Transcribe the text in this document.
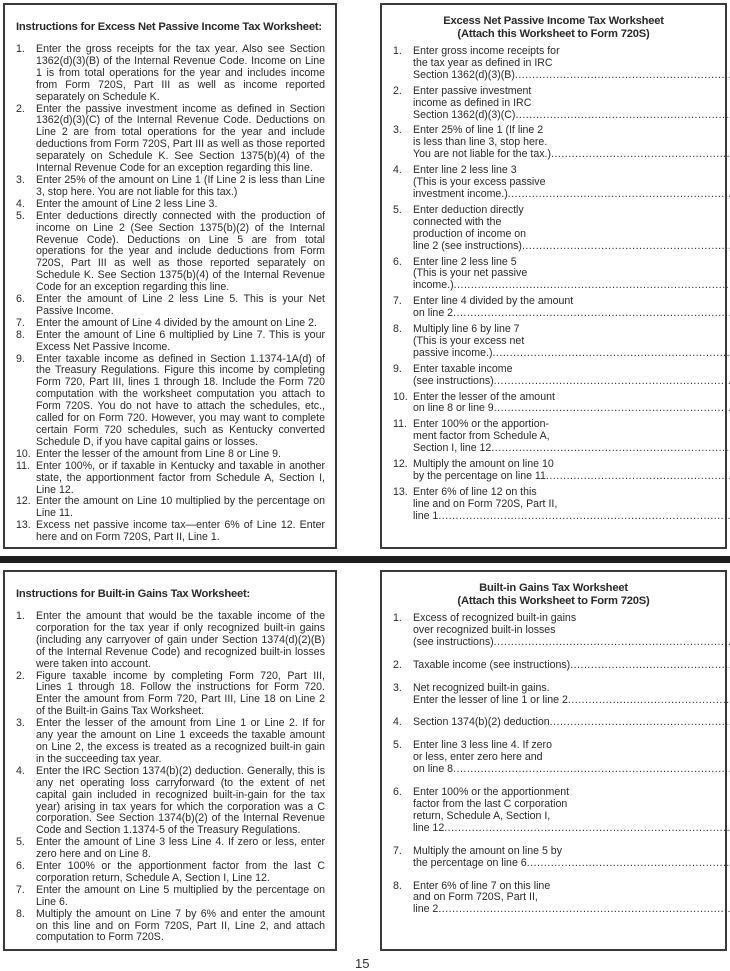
Instructions for Excess Net Passive Income Tax Worksheet:
1.	Enter the gross receipts for the tax year. Also see Section 1362(d)(3)(B) of the Internal Revenue Code. Income on Line 1 is from total operations for the year and includes income from Form 720S, Part III as well as income reported separately on Schedule K.
2.	Enter the passive investment income as defined in Section 1362(d)(3)(C) of the Internal Revenue Code. Deductions on Line 2 are from total operations for the year and include deductions from Form 720S, Part III as well as those reported separately on Schedule K. See Section 1375(b)(4) of the Internal Revenue Code for an exception regarding this line.
3.	Enter 25% of the amount on Line 1 (If Line 2 is less than Line 3, stop here. You are not liable for this tax.)
4.	Enter the amount of Line 2 less Line 3.
5.	Enter deductions directly connected with the production of income on Line 2 (See Section 1375(b)(2) of the Internal Revenue Code). Deductions on Line 5 are from total operations for the year and include deductions from Form 720S, Part III as well as those reported separately on Schedule K. See Section 1375(b)(4) of the Internal Revenue Code for an exception regarding this line.
6.	Enter the amount of Line 2 less Line 5. This is your Net Passive Income.
7.	Enter the amount of Line 4 divided by the amount on Line 2.
8.	Enter the amount of Line 6 multiplied by Line 7. This is your Excess Net Passive Income.
9.	Enter taxable income as defined in Section 1.1374-1A(d) of the Treasury Regulations. Figure this income by completing Form 720, Part III, lines 1 through 18. Include the Form 720 computation with the worksheet computation you attach to Form 720S. You do not have to attach the schedules, etc., called for on Form 720. However, you may want to complete certain Form 720 schedules, such as Kentucky converted Schedule D, if you have capital gains or losses.
10. Enter the lesser of the amount from Line 8 or Line 9.
11. Enter 100%, or if taxable in Kentucky and taxable in another state, the apportionment factor from Schedule A, Section I, Line 12.
12. Enter the amount on Line 10 multiplied by the percentage on Line 11.
13. Excess net passive income tax—enter 6% of Line 12. Enter here and on Form 720S, Part II, Line 1.
Excess Net Passive Income Tax Worksheet
(Attach this Worksheet to Form 720S)
1.	Enter gross income receipts for
the tax year as defined in IRC
Section 1362(d)(3)(B)
.....
2.	Enter passive investment
income as defined in IRC
Section 1362(d)(3)(C)
.....
3.	Enter 25% of line 1 (If line 2
is less than line 3, stop here.
You are not liable for the tax.)
.....
4.	Enter line 2 less line 3
(This is your excess passive
investment income.)
.....
5.	Enter deduction directly
connected with the
production of income on
line 2 (see instructions)
.....
6.	Enter line 2 less line 5
(This is your net passive
income.)
.....
7.	Enter line 4 divided by the amount
on line 2
.....
8.	Multiply line 6 by line 7
(This is your excess net
passive income.)
.....
9.	Enter taxable income
(see instructions)
.....
10. Enter the lesser of the amount
on line 8 or line 9
.....
11. Enter 100% or the apportion-
ment factor from Schedule A,
Section I, line 12
.....
12. Multiply the amount on line 10
by the percentage on line 11
.....
13. Enter 6% of line 12 on this
line and on Form 720S, Part II,
line 1
.....
Instructions for Built-in Gains Tax Worksheet:
1.	Enter the amount that would be the taxable income of the corporation for the tax year if only recognized built-in gains (including any carryover of gain under Section 1374(d)(2)(B) of the Internal Revenue Code) and recognized built-in losses were taken into account.
2.	Figure taxable income by completing Form 720, Part III, Lines 1 through 18. Follow the instructions for Form 720. Enter the amount from Form 720, Part III, Line 18 on Line 2 of the Built-in Gains Tax Worksheet.
3.	Enter the lesser of the amount from Line 1 or Line 2. If for any year the amount on Line 1 exceeds the taxable amount on Line 2, the excess is treated as a recognized built-in gain in the succeeding tax year.
4.	Enter the IRC Section 1374(b)(2) deduction. Generally, this is any net operating loss carryforward (to the extent of net capital gain included in recognized built-in-gain for the tax year) arising in tax years for which the corporation was a C corporation. See Section 1374(b)(2) of the Internal Revenue Code and Section 1.1374-5 of the Treasury Regulations.
5.	Enter the amount of Line 3 less Line 4. If zero or less, enter zero here and on Line 8.
6.	Enter 100% or the apportionment factor from the last C corporation return, Schedule A, Section I, Line 12.
7.	Enter the amount on Line 5 multiplied by the percentage on Line 6.
8.	Multiply the amount on Line 7 by 6% and enter the amount on this line and on Form 720S, Part II, Line 2, and attach computation to Form 720S.
Built-in Gains Tax Worksheet
(Attach this Worksheet to Form 720S)
1.	Excess of recognized built-in gains
over recognized built-in losses
(see instructions)
.....
2.	Taxable income (see instructions)
.....
3.	Net recognized built-in gains.
Enter the lesser of line 1 or line 2
.....
4.	Section 1374(b)(2) deduction
.....
5.	Enter line 3 less line 4. If zero
or less, enter zero here and
on line 8
.....
6.	Enter 100% or the apportionment
factor from the last C corporation
return, Schedule A, Section I,
line 12
.....
7.	Multiply the amount on line 5 by
the percentage on line 6
.....
8.	Enter 6% of line 7 on this line
and on Form 720S, Part II,
line 2
.....
15
